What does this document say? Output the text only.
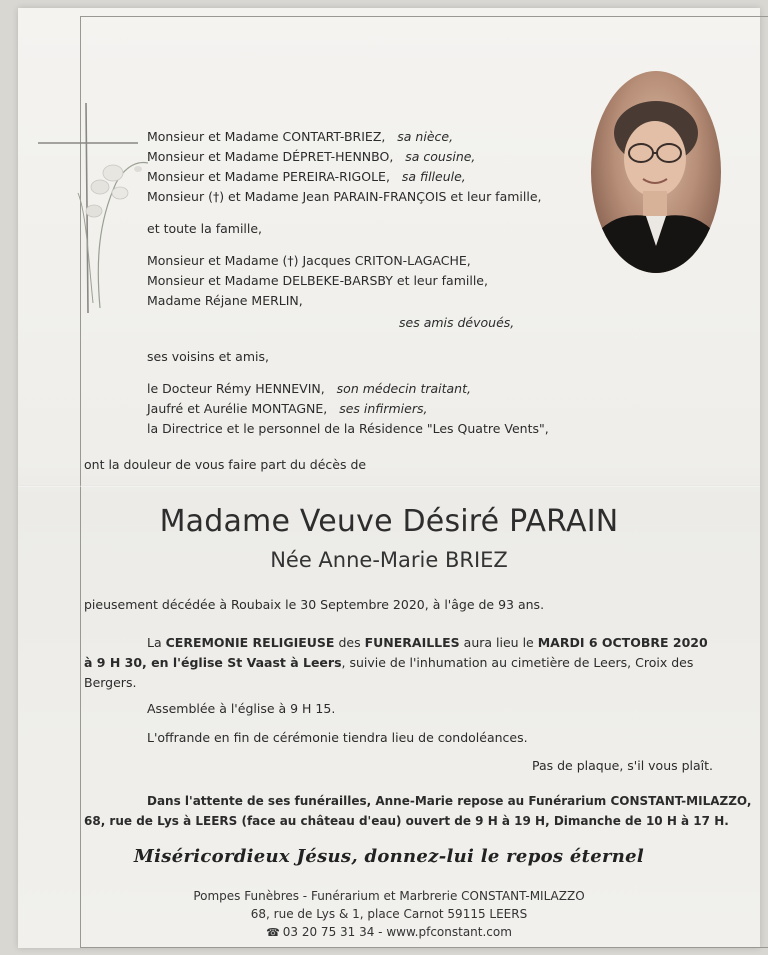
Monsieur et Madame CONTART-BRIEZ, sa nièce,
Monsieur et Madame DÉPRET-HENNBO, sa cousine,
Monsieur et Madame PEREIRA-RIGOLE, sa filleule,
Monsieur (†) et Madame Jean PARAIN-FRANÇOIS et leur famille,
et toute la famille,
Monsieur et Madame (†) Jacques CRITON-LAGACHE,
Monsieur et Madame DELBEKE-BARSBY et leur famille,
Madame Réjane MERLIN,
ses amis dévoués,
ses voisins et amis,
le Docteur Rémy HENNEVIN, son médecin traitant,
Jaufré et Aurélie MONTAGNE, ses infirmiers,
la Directrice et le personnel de la Résidence "Les Quatre Vents",
ont la douleur de vous faire part du décès de
Madame Veuve Désiré PARAIN
Née Anne-Marie BRIEZ
pieusement décédée à Roubaix le 30 Septembre 2020, à l'âge de 93 ans.
La CEREMONIE RELIGIEUSE des FUNERAILLES aura lieu le MARDI 6 OCTOBRE 2020
à 9 H 30, en l'église St Vaast à Leers, suivie de l'inhumation au cimetière de Leers, Croix des
Bergers.
Assemblée à l'église à 9 H 15.
L'offrande en fin de cérémonie tiendra lieu de condoléances.
Pas de plaque, s'il vous plaît.
Dans l'attente de ses funérailles, Anne-Marie repose au Funérarium CONSTANT-MILAZZO,
68, rue de Lys à LEERS (face au château d'eau) ouvert de 9 H à 19 H, Dimanche de 10 H à 17 H.
Miséricordieux Jésus, donnez-lui le repos éternel
Pompes Funèbres - Funérarium et Marbrerie CONSTANT-MILAZZO
68, rue de Lys & 1, place Carnot 59115 LEERS
☎ 03 20 75 31 34 - www.pfconstant.com
